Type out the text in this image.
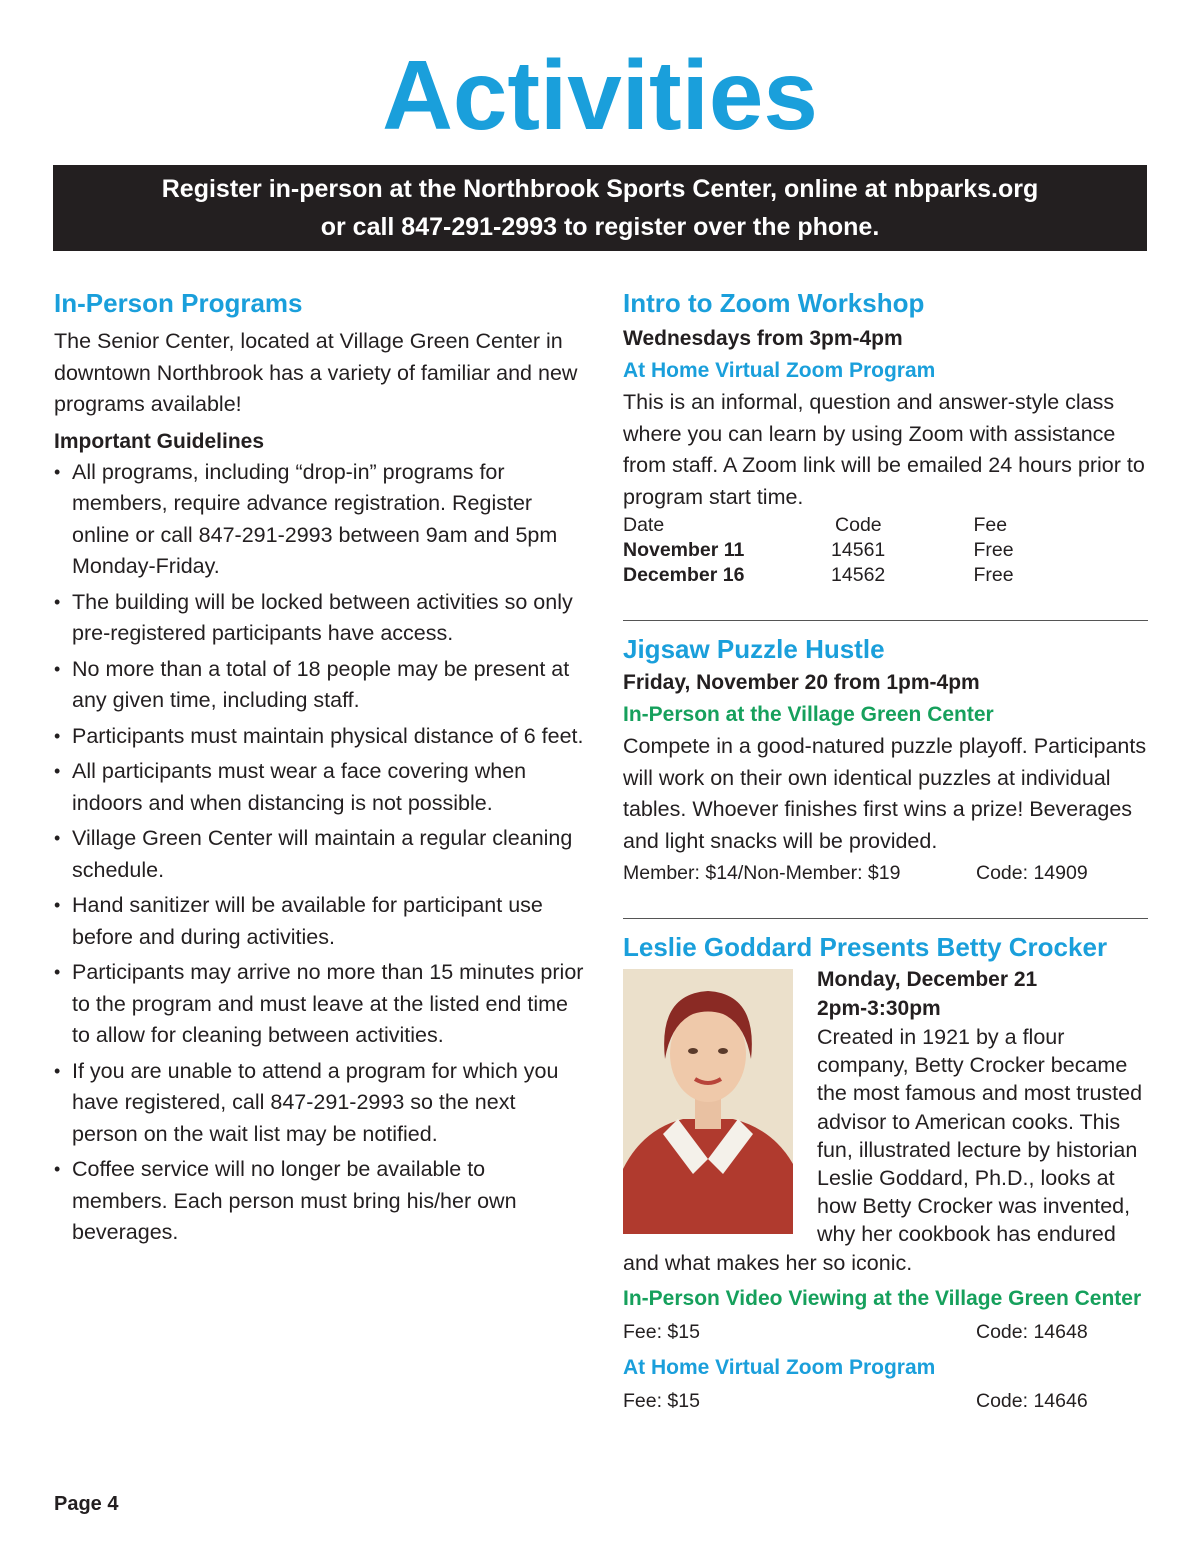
Activities
Register in-person at the Northbrook Sports Center, online at nbparks.org
or call 847-291-2993 to register over the phone.
In-Person Programs

The Senior Center, located at Village Green Center in downtown Northbrook has a variety of familiar and new programs available!

Important Guidelines
• All programs, including “drop-in” programs for members, require advance registration. Register online or call 847-291-2993 between 9am and 5pm Monday-Friday.
• The building will be locked between activities so only pre-registered participants have access.
• No more than a total of 18 people may be present at any given time, including staff.
• Participants must maintain physical distance of 6 feet.
• All participants must wear a face covering when indoors and when distancing is not possible.
• Village Green Center will maintain a regular cleaning schedule.
• Hand sanitizer will be available for participant use before and during activities.
• Participants may arrive no more than 15 minutes prior to the program and must leave at the listed end time to allow for cleaning between activities.
• If you are unable to attend a program for which you have registered, call 847-291-2993 so the next person on the wait list may be notified.
• Coffee service will no longer be available to members. Each person must bring his/her own beverages.
Intro to Zoom Workshop
Wednesdays from 3pm-4pm
At Home Virtual Zoom Program

This is an informal, question and answer-style class where you can learn by using Zoom with assistance from staff. A Zoom link will be emailed 24 hours prior to program start time.

Date	Code	Fee
November 11	14561	Free
December 16	14562	Free
Jigsaw Puzzle Hustle
Friday, November 20 from 1pm-4pm
In-Person at the Village Green Center

Compete in a good-natured puzzle playoff. Participants will work on their own identical puzzles at individual tables. Whoever finishes first wins a prize! Beverages and light snacks will be provided.

Member: $14/Non-Member: $19	Code: 14909
Leslie Goddard Presents Betty Crocker
Monday, December 21
2pm-3:30pm

Created in 1921 by a flour company, Betty Crocker became the most famous and most trusted advisor to American cooks. This fun, illustrated lecture by historian Leslie Goddard, Ph.D., looks at how Betty Crocker was invented, why her cookbook has endured and what makes her so iconic.

In-Person Video Viewing at the Village Green Center
Fee: $15	Code: 14648
At Home Virtual Zoom Program
Fee: $15	Code: 14646
Page 4
